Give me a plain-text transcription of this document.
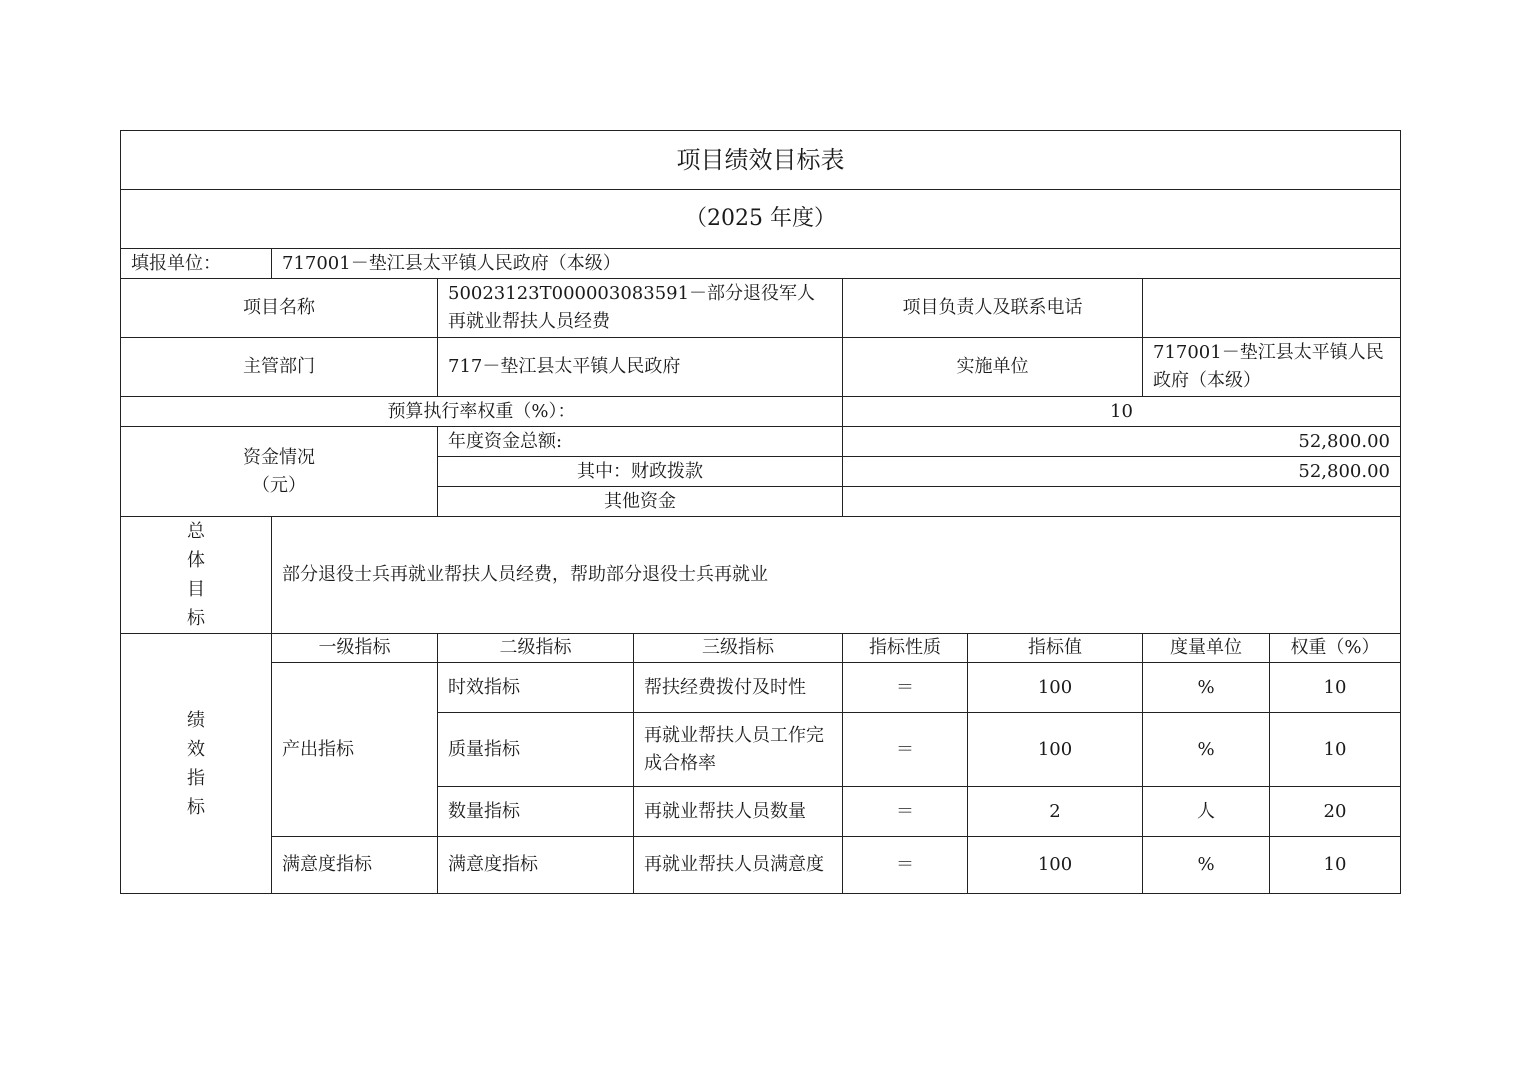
项目绩效目标表							
（2025 年度）							
填报单位：	717001－垫江县太平镇人民政府（本级）						
项目名称		50023123T000003083591－部分退役军人再就业帮扶人员经费		项目负责人及联系电话			
主管部门		717－垫江县太平镇人民政府		实施单位		717001－垫江县太平镇人民政府（本级）	
预算执行率权重（%）：				10			

资金情况
（元）		年度资金总额:		52,800.00			
		其中：财政拨款		52,800.00			
		其他资金					

总
体
目
标	部分退役士兵再就业帮扶人员经费，帮助部分退役士兵再就业						

绩
效
指
标	一级指标	二级指标	三级指标	指标性质	指标值	度量单位	权重（%）
	产出指标	时效指标	帮扶经费拨付及时性	＝	100	%	10
		质量指标	再就业帮扶人员工作完成合格率	＝	100	%	10
		数量指标	再就业帮扶人员数量	＝	2	人	20
	满意度指标	满意度指标	再就业帮扶人员满意度	＝	100	%	10
